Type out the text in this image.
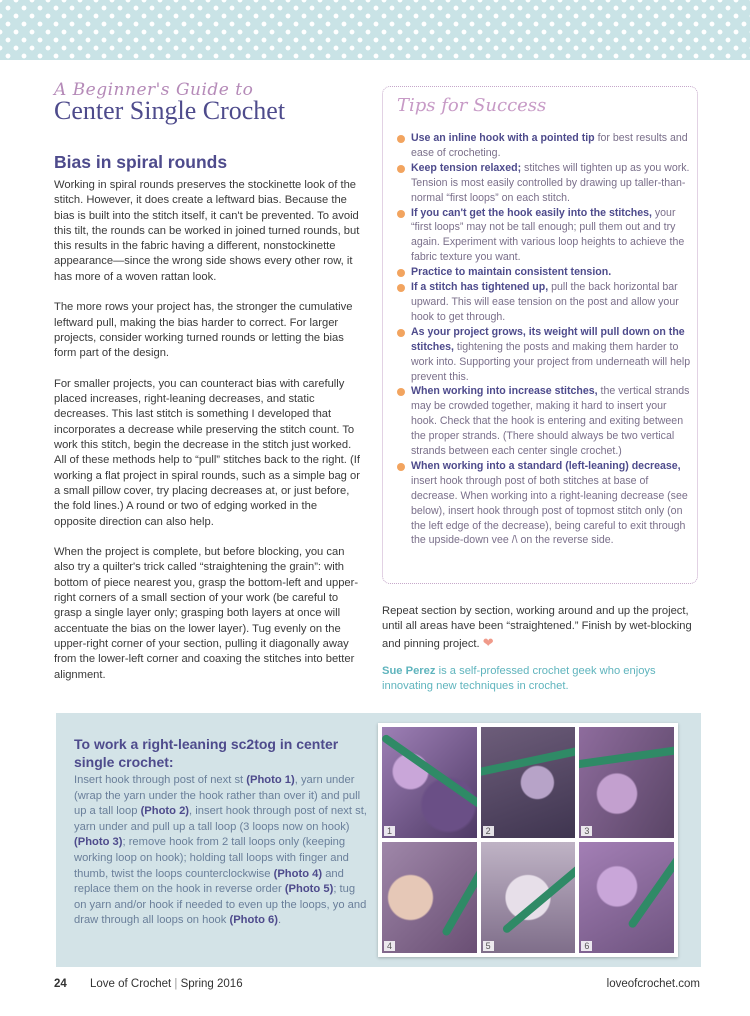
A Beginner's Guide to
Center Single Crochet
Bias in spiral rounds

Working in spiral rounds preserves the stockinette look of the stitch. However, it does create a leftward bias. Because the bias is built into the stitch itself, it can't be prevented. To avoid this tilt, the rounds can be worked in joined turned rounds, but this results in the fabric having a different, nonstockinette appearance—since the wrong side shows every other row, it has more of a woven rattan look.

The more rows your project has, the stronger the cumulative leftward pull, making the bias harder to correct. For larger projects, consider working turned rounds or letting the bias form part of the design.

For smaller projects, you can counteract bias with carefully placed increases, right-leaning decreases, and static decreases. This last stitch is something I developed that incorporates a decrease while preserving the stitch count. To work this stitch, begin the decrease in the stitch just worked. All of these methods help to “pull” stitches back to the right. (If working a flat project in spiral rounds, such as a simple bag or a small pillow cover, try placing decreases at, or just before, the fold lines.) A round or two of edging worked in the opposite direction can also help.

When the project is complete, but before blocking, you can also try a quilter's trick called “straightening the grain”: with bottom of piece nearest you, grasp the bottom-left and upper-right corners of a small section of your work (be careful to grasp a single layer only; grasping both layers at once will accentuate the bias on the lower layer). Tug evenly on the upper-right corner of your section, pulling it diagonally away from the lower-left corner and coaxing the stitches into better alignment.

Tips for Success
Use an inline hook with a pointed tip for best results and ease of crocheting.
Keep tension relaxed; stitches will tighten up as you work. Tension is most easily controlled by drawing up taller-than-normal “first loops” on each stitch.
If you can't get the hook easily into the stitches, your “first loops” may not be tall enough; pull them out and try again. Experiment with various loop heights to achieve the fabric texture you want.
Practice to maintain consistent tension.
If a stitch has tightened up, pull the back horizontal bar upward. This will ease tension on the post and allow your hook to get through.
As your project grows, its weight will pull down on the stitches, tightening the posts and making them harder to work into. Supporting your project from underneath will help prevent this.
When working into increase stitches, the vertical strands may be crowded together, making it hard to insert your hook. Check that the hook is entering and exiting between the proper strands. (There should always be two vertical strands between each center single crochet.)
When working into a standard (left-leaning) decrease, insert hook through post of both stitches at base of decrease. When working into a right-leaning decrease (see below), insert hook through post of topmost stitch only (on the left edge of the decrease), being careful to exit through the upside-down vee /\ on the reverse side.
Repeat section by section, working around and up the project, until all areas have been “straightened.” Finish by wet-blocking and pinning project. ❤
Sue Perez is a self-professed crochet geek who enjoys innovating new techniques in crochet.
To work a right-leaning sc2tog in center single crochet:
Insert hook through post of next st (Photo 1), yarn under (wrap the yarn under the hook rather than over it) and pull up a tall loop (Photo 2), insert hook through post of next st, yarn under and pull up a tall loop (3 loops now on hook) (Photo 3); remove hook from 2 tall loops only (keeping working loop on hook); holding tall loops with finger and thumb, twist the loops counterclockwise (Photo 4) and replace them on the hook in reverse order (Photo 5); tug on yarn and/or hook if needed to even up the loops, yo and draw through all loops on hook (Photo 6).
1	2	3
4	5	6
24 Love of Crochet | Spring 2016	loveofcrochet.com
